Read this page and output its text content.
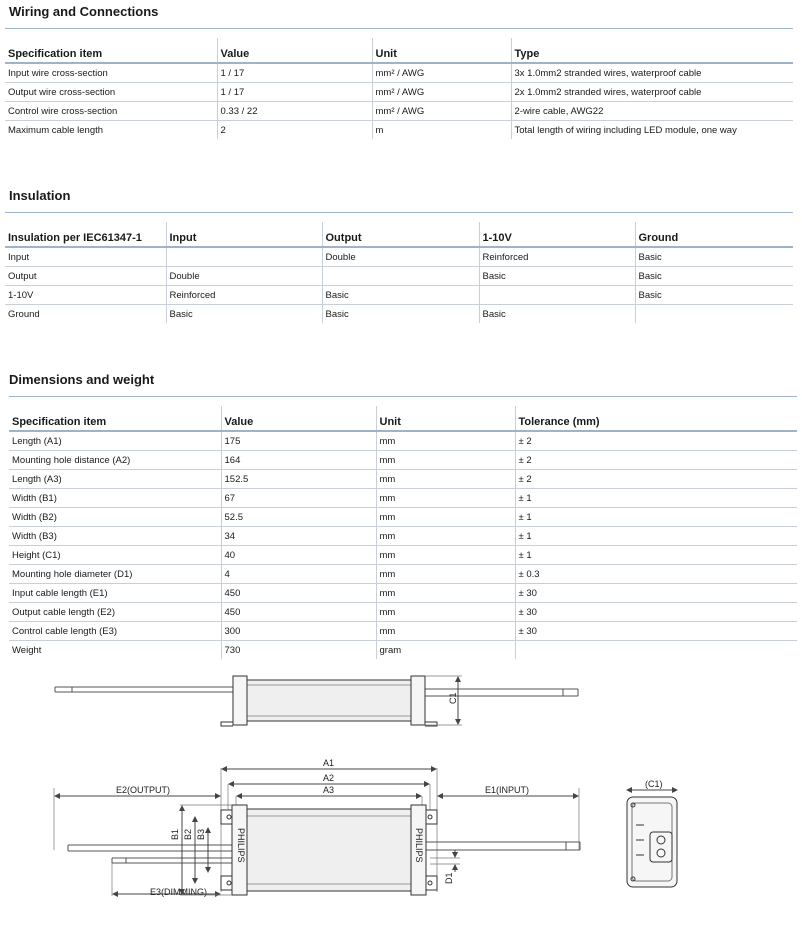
Wiring and Connections
Specification item	Value	Unit	Type
Input wire cross-section	1 / 17	mm² / AWG	3x 1.0mm2 stranded wires, waterproof cable
Output wire cross-section	1 / 17	mm² / AWG	2x 1.0mm2 stranded wires, waterproof cable
Control wire cross-section	0.33 / 22	mm² / AWG	2-wire cable, AWG22
Maximum cable length	2	m	Total length of wiring including LED module, one way
Insulation
Insulation per IEC61347-1	Input	Output	1-10V	Ground
Input		Double	Reinforced	Basic
Output	Double		Basic	Basic
1-10V	Reinforced	Basic		Basic
Ground	Basic	Basic	Basic	
Dimensions and weight
Specification item	Value	Unit	Tolerance (mm)
Length (A1)	175	mm	± 2
Mounting hole distance (A2)	164	mm	± 2
Length (A3)	152.5	mm	± 2
Width (B1)	67	mm	± 1
Width (B2)	52.5	mm	± 1
Width (B3)	34	mm	± 1
Height (C1)	40	mm	± 1
Mounting hole diameter (D1)	4	mm	± 0.3
Input cable length (E1)	450	mm	± 30
Output cable length (E2)	450	mm	± 30
Control cable length (E3)	300	mm	± 30
Weight	730	gram	
C1
A1
A2
A3
E2(OUTPUT)	E1(INPUT)
E3(DIMMING)
PHILIPS	PHILIPS
B1 B2 B3
D1
(C1)
